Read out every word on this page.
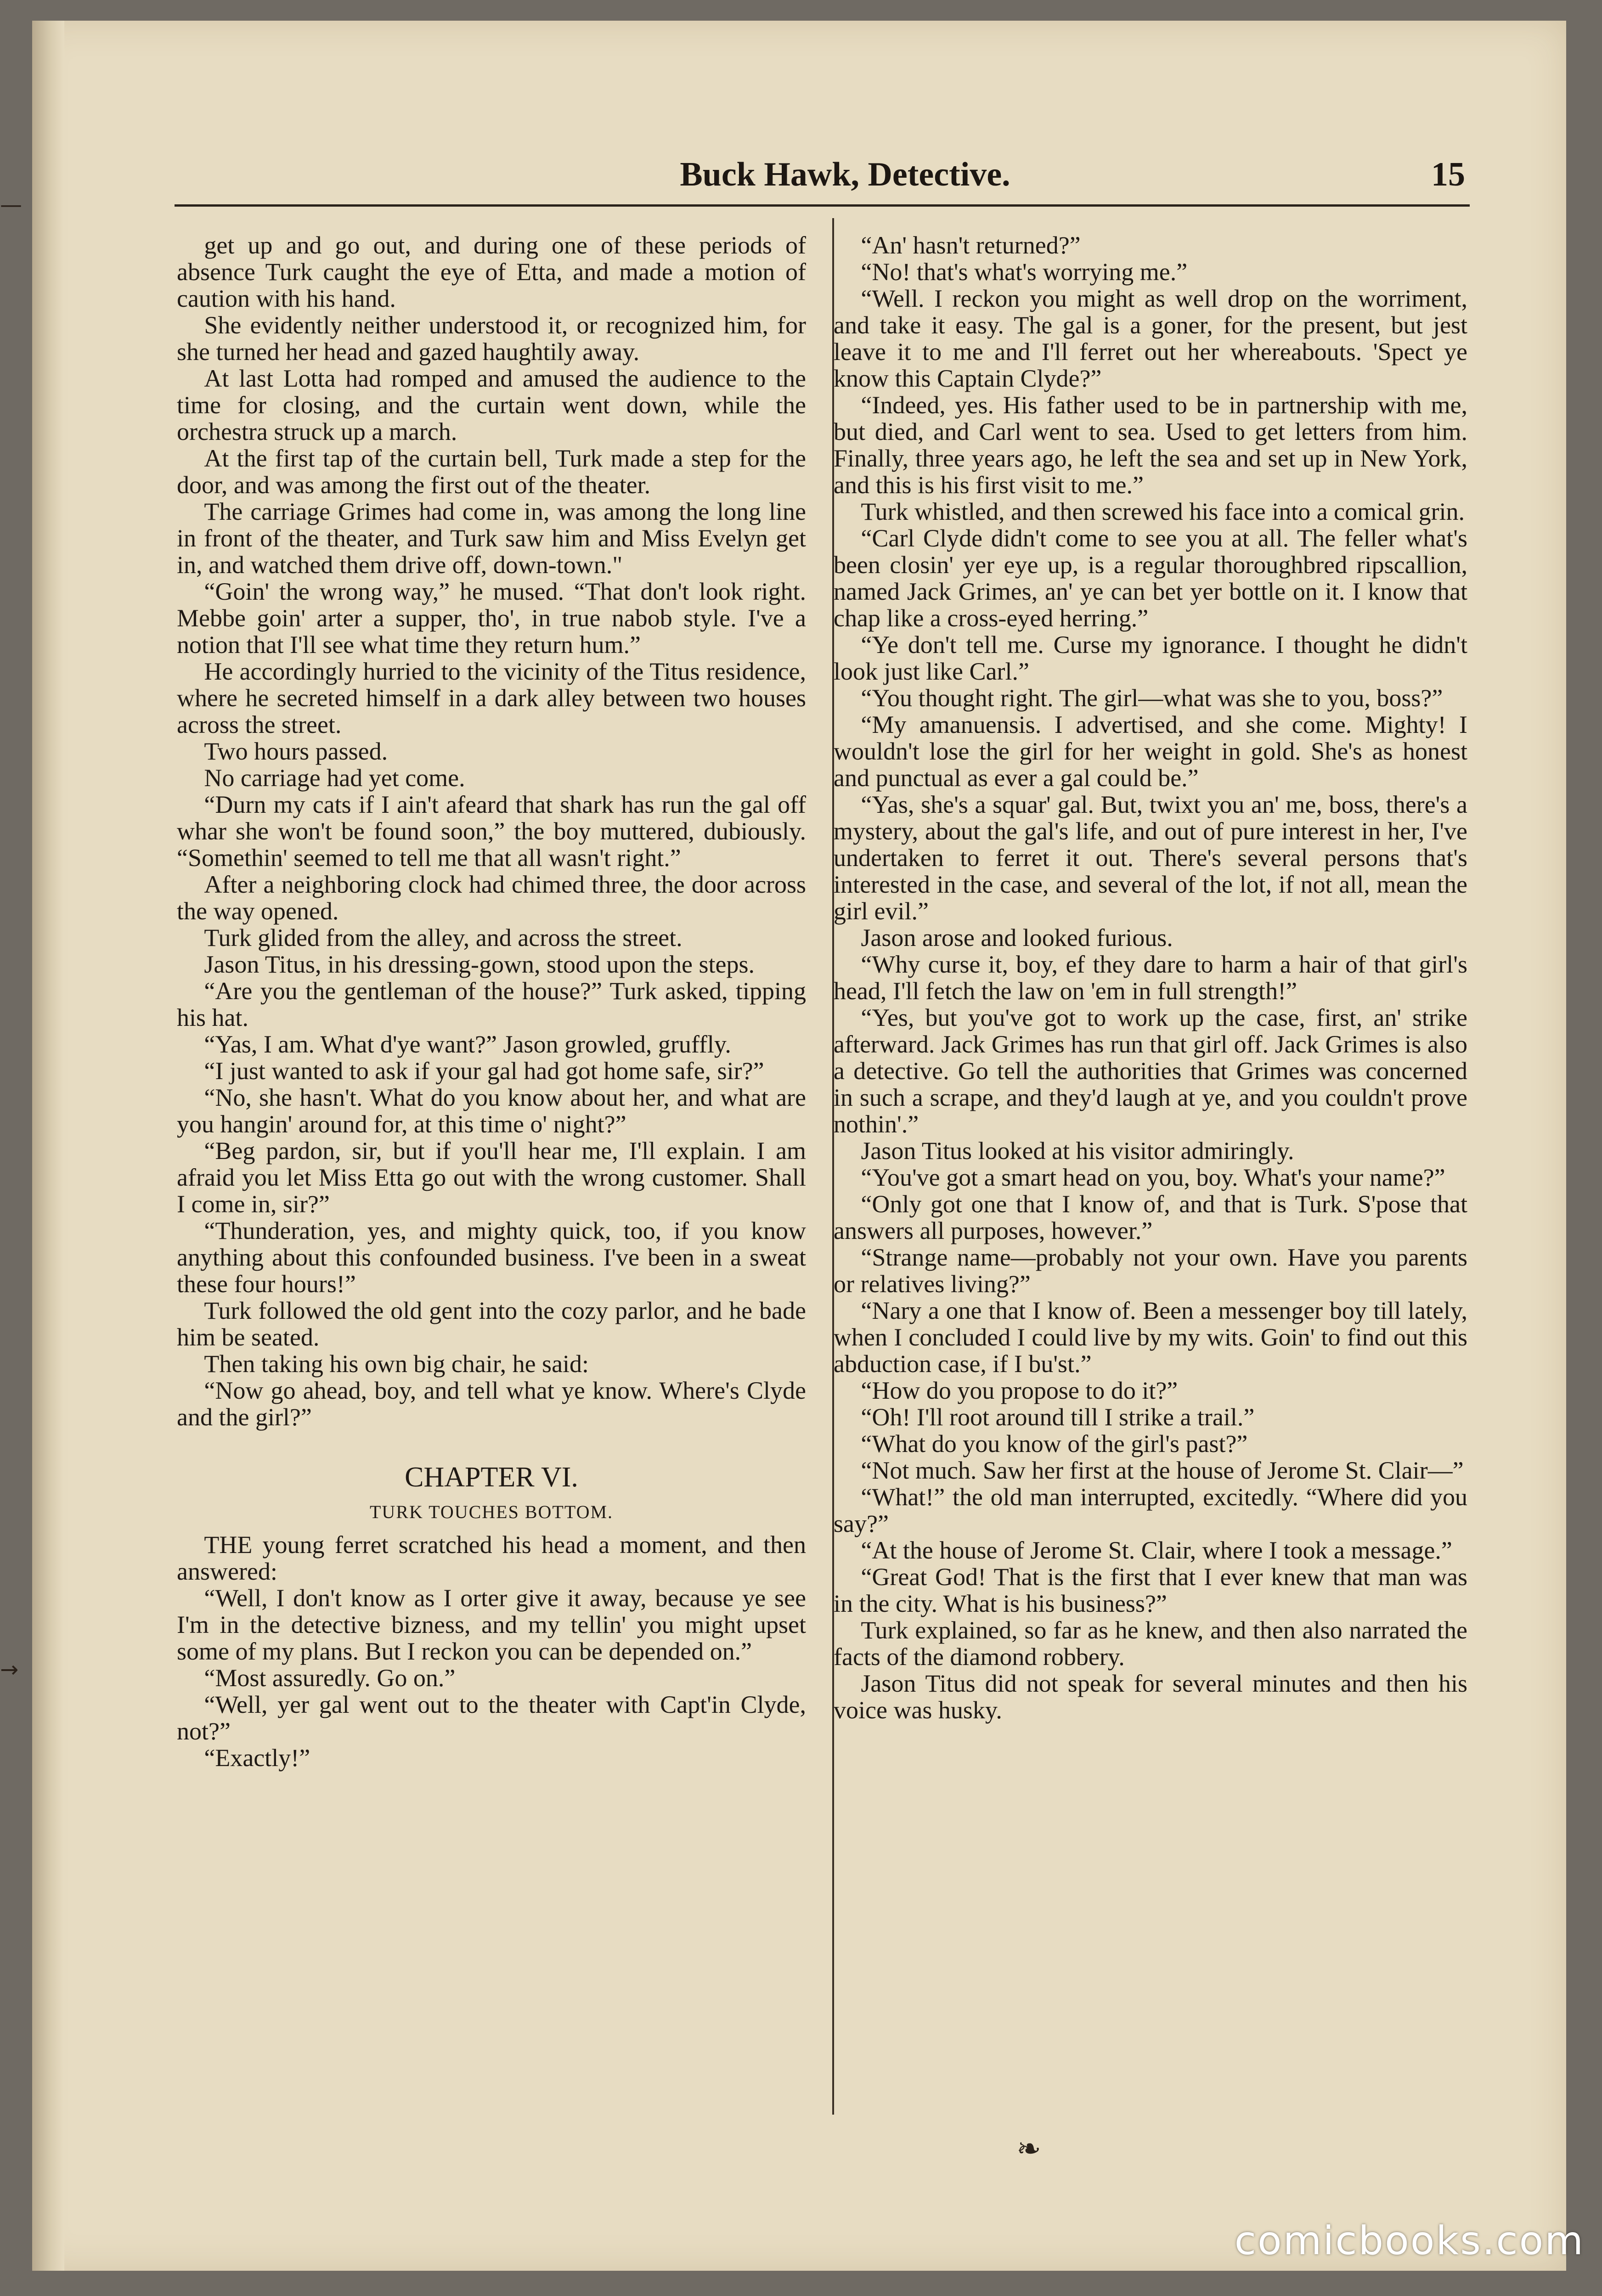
—
→
Buck Hawk, Detective.	15

get up and go out, and during one of these periods of absence Turk caught the eye of Etta, and made a motion of caution with his hand.

She evidently neither understood it, or recognized him, for she turned her head and gazed haughtily away.

At last Lotta had romped and amused the audience to the time for closing, and the curtain went down, while the orchestra struck up a march.

At the first tap of the curtain bell, Turk made a step for the door, and was among the first out of the theater.

The carriage Grimes had come in, was among the long line in front of the theater, and Turk saw him and Miss Evelyn get in, and watched them drive off, down-town."

“Goin' the wrong way,” he mused. “That don't look right. Mebbe goin' arter a supper, tho', in true nabob style. I've a notion that I'll see what time they return hum.”

He accordingly hurried to the vicinity of the Titus residence, where he secreted himself in a dark alley between two houses across the street.

Two hours passed.

No carriage had yet come.

“Durn my cats if I ain't afeard that shark has run the gal off whar she won't be found soon,” the boy muttered, dubiously. “Somethin' seemed to tell me that all wasn't right.”

After a neighboring clock had chimed three, the door across the way opened.

Turk glided from the alley, and across the street.

Jason Titus, in his dressing-gown, stood upon the steps.

“Are you the gentleman of the house?” Turk asked, tipping his hat.

“Yas, I am. What d'ye want?” Jason growled, gruffly.

“I just wanted to ask if your gal had got home safe, sir?”

“No, she hasn't. What do you know about her, and what are you hangin' around for, at this time o' night?”

“Beg pardon, sir, but if you'll hear me, I'll explain. I am afraid you let Miss Etta go out with the wrong customer. Shall I come in, sir?”

“Thunderation, yes, and mighty quick, too, if you know anything about this confounded business. I've been in a sweat these four hours!”

Turk followed the old gent into the cozy parlor, and he bade him be seated.

Then taking his own big chair, he said:

“Now go ahead, boy, and tell what ye know. Where's Clyde and the girl?”

CHAPTER VI.
TURK TOUCHES BOTTOM.

THE young ferret scratched his head a moment, and then answered:

“Well, I don't know as I orter give it away, because ye see I'm in the detective bizness, and my tellin' you might upset some of my plans. But I reckon you can be depended on.”

“Most assuredly. Go on.”

“Well, yer gal went out to the theater with Capt'in Clyde, not?”

“Exactly!”

“An' hasn't returned?”

“No! that's what's worrying me.”

“Well. I reckon you might as well drop on the worriment, and take it easy. The gal is a goner, for the present, but jest leave it to me and I'll ferret out her whereabouts. 'Spect ye know this Captain Clyde?”

“Indeed, yes. His father used to be in partnership with me, but died, and Carl went to sea. Used to get letters from him. Finally, three years ago, he left the sea and set up in New York, and this is his first visit to me.”

Turk whistled, and then screwed his face into a comical grin.

“Carl Clyde didn't come to see you at all. The feller what's been closin' yer eye up, is a regular thoroughbred ripscallion, named Jack Grimes, an' ye can bet yer bottle on it. I know that chap like a cross-eyed herring.”

“Ye don't tell me. Curse my ignorance. I thought he didn't look just like Carl.”

“You thought right. The girl—what was she to you, boss?”

“My amanuensis. I advertised, and she come. Mighty! I wouldn't lose the girl for her weight in gold. She's as honest and punctual as ever a gal could be.”

“Yas, she's a squar' gal. But, twixt you an' me, boss, there's a mystery, about the gal's life, and out of pure interest in her, I've undertaken to ferret it out. There's several persons that's interested in the case, and several of the lot, if not all, mean the girl evil.”

Jason arose and looked furious.

“Why curse it, boy, ef they dare to harm a hair of that girl's head, I'll fetch the law on 'em in full strength!”

“Yes, but you've got to work up the case, first, an' strike afterward. Jack Grimes has run that girl off. Jack Grimes is also a detective. Go tell the authorities that Grimes was concerned in such a scrape, and they'd laugh at ye, and you couldn't prove nothin'.”

Jason Titus looked at his visitor admiringly.

“You've got a smart head on you, boy. What's your name?”

“Only got one that I know of, and that is Turk. S'pose that answers all purposes, however.”

“Strange name—probably not your own. Have you parents or relatives living?”

“Nary a one that I know of. Been a messenger boy till lately, when I concluded I could live by my wits. Goin' to find out this abduction case, if I bu'st.”

“How do you propose to do it?”

“Oh! I'll root around till I strike a trail.”

“What do you know of the girl's past?”

“Not much. Saw her first at the house of Jerome St. Clair—”

“What!” the old man interrupted, excitedly. “Where did you say?”

“At the house of Jerome St. Clair, where I took a message.”

“Great God! That is the first that I ever knew that man was in the city. What is his business?”

Turk explained, so far as he knew, and then also narrated the facts of the diamond robbery.

Jason Titus did not speak for several minutes and then his voice was husky.

❧
comicbooks.com
